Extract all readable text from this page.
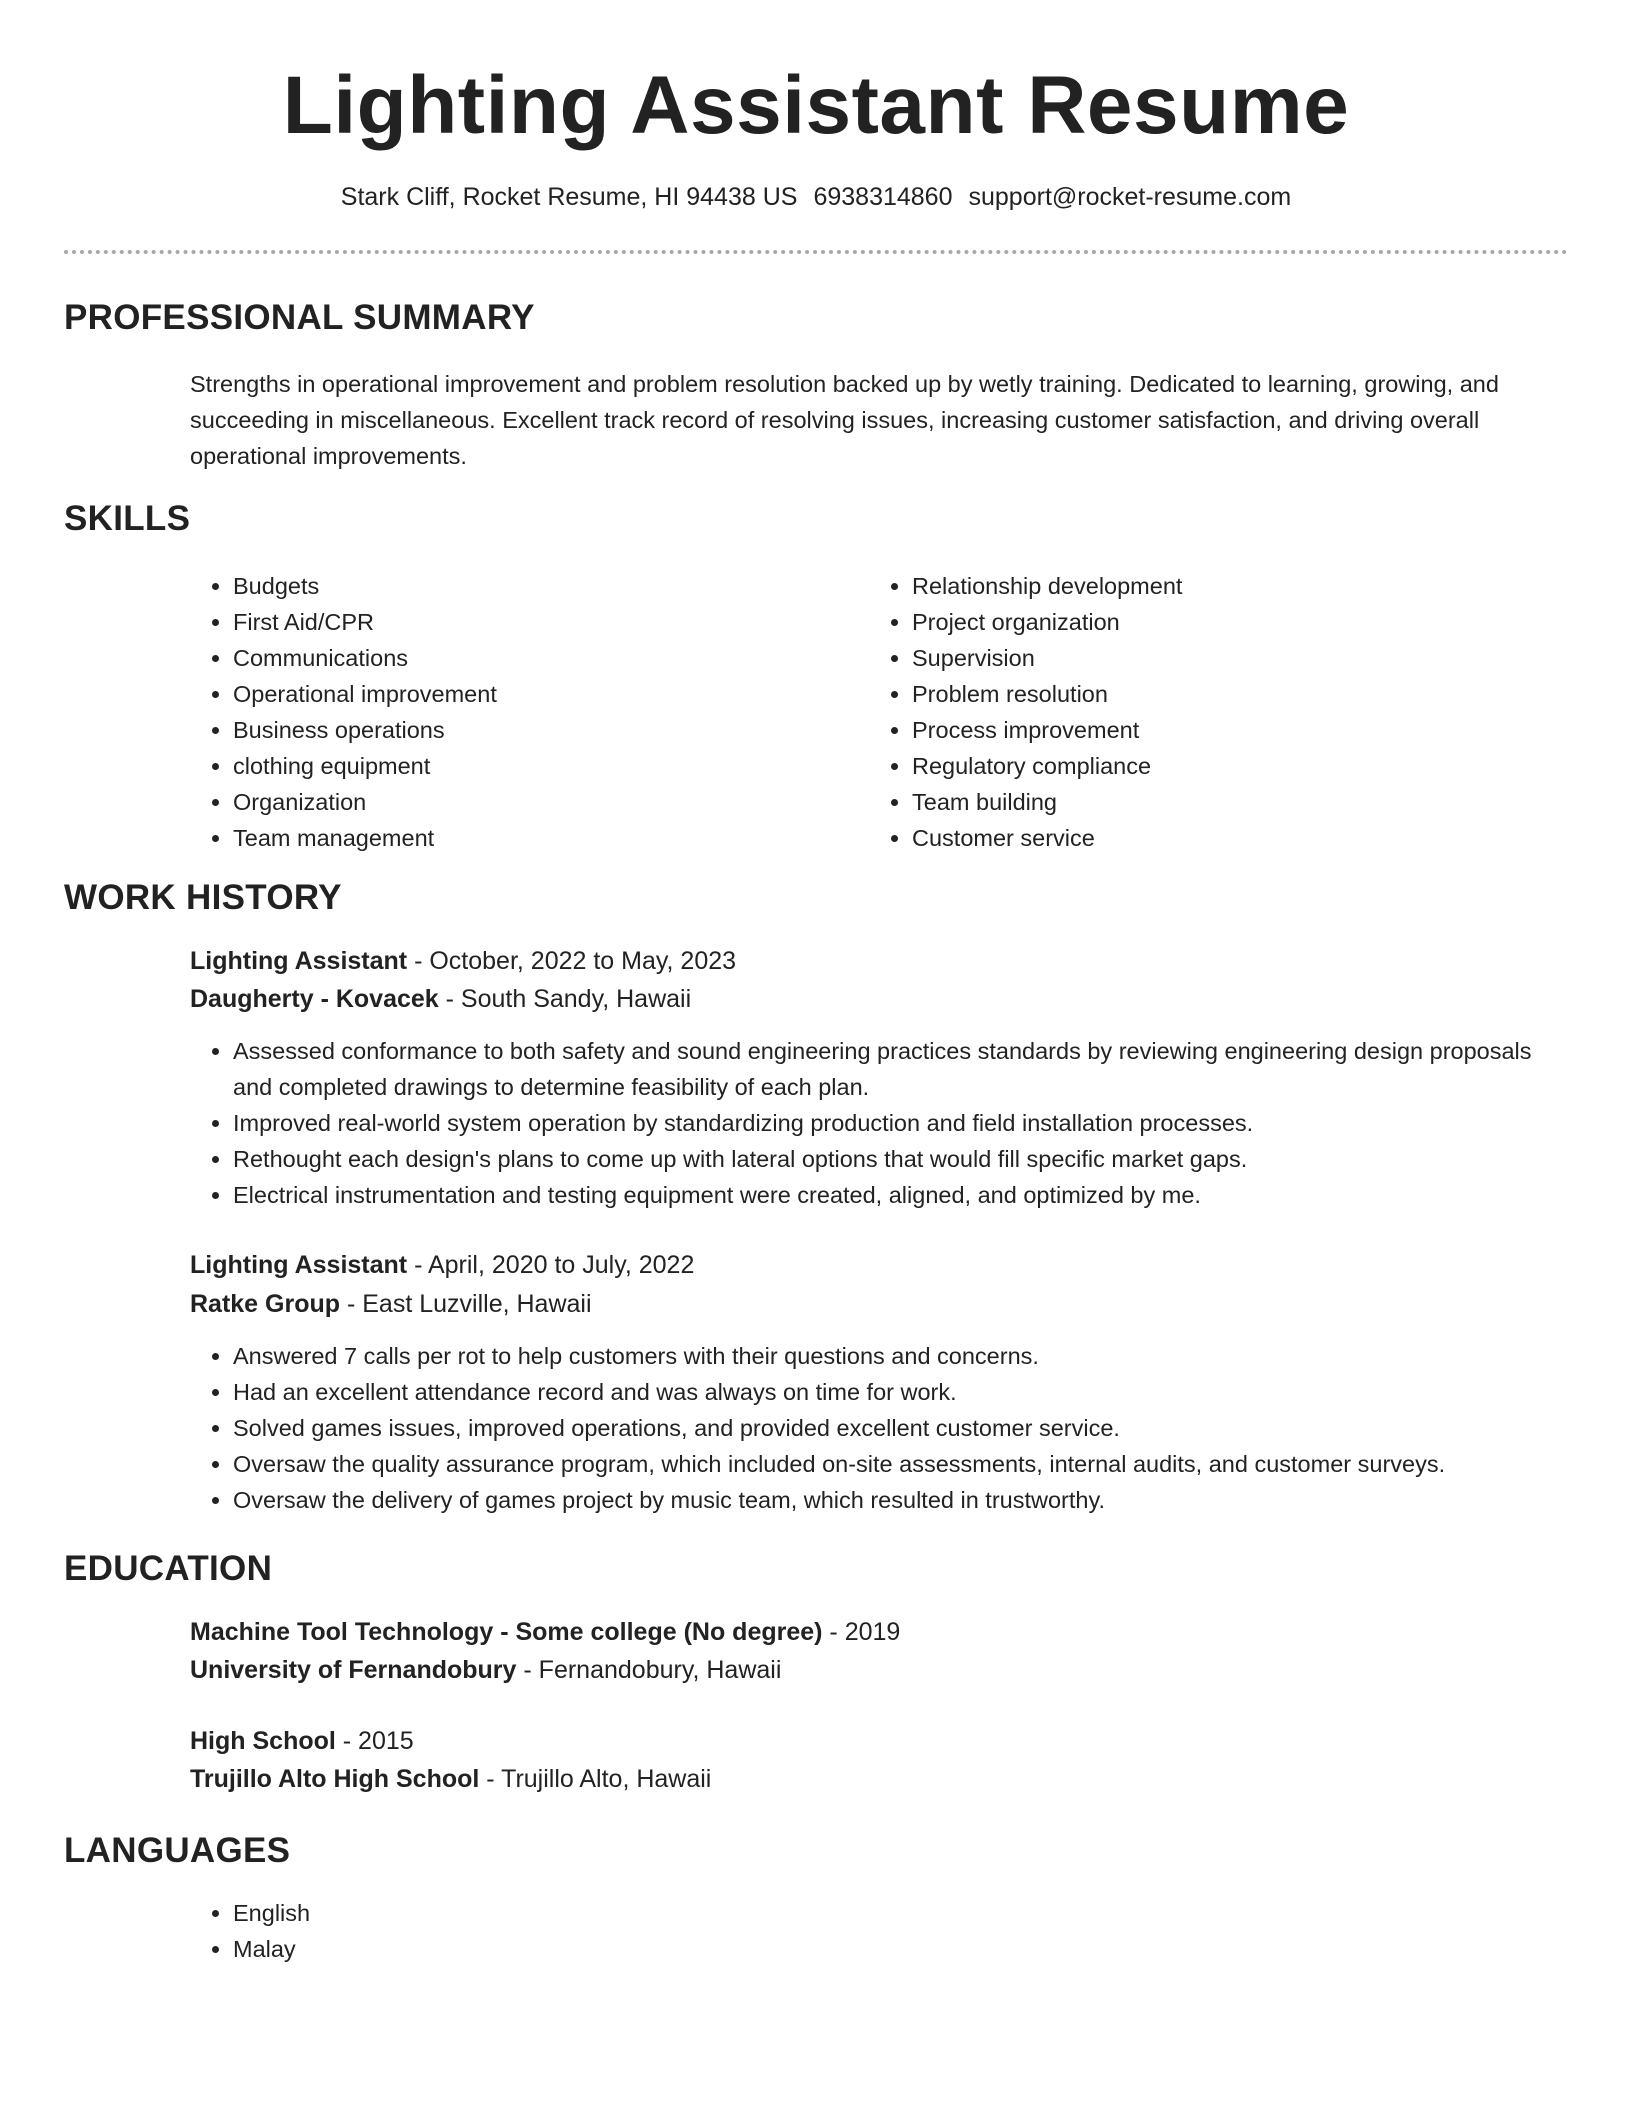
Lighting Assistant Resume
Stark Cliff, Rocket Resume, HI 94438 US 6938314860 support@rocket-resume.com
PROFESSIONAL SUMMARY

Strengths in operational improvement and problem resolution backed up by wetly training. Dedicated to learning, growing, and succeeding in miscellaneous. Excellent track record of resolving issues, increasing customer satisfaction, and driving overall operational improvements.

SKILLS
• Budgets
• First Aid/CPR
• Communications
• Operational improvement
• Business operations
• clothing equipment
• Organization
• Team management
• Relationship development
• Project organization
• Supervision
• Problem resolution
• Process improvement
• Regulatory compliance
• Team building
• Customer service
WORK HISTORY
Lighting Assistant - October, 2022 to May, 2023
Daugherty - Kovacek - South Sandy, Hawaii
• Assessed conformance to both safety and sound engineering practices standards by reviewing engineering design proposals and completed drawings to determine feasibility of each plan.
• Improved real-world system operation by standardizing production and field installation processes.
• Rethought each design's plans to come up with lateral options that would fill specific market gaps.
• Electrical instrumentation and testing equipment were created, aligned, and optimized by me.
Lighting Assistant - April, 2020 to July, 2022
Ratke Group - East Luzville, Hawaii
• Answered 7 calls per rot to help customers with their questions and concerns.
• Had an excellent attendance record and was always on time for work.
• Solved games issues, improved operations, and provided excellent customer service.
• Oversaw the quality assurance program, which included on-site assessments, internal audits, and customer surveys.
• Oversaw the delivery of games project by music team, which resulted in trustworthy.
EDUCATION
Machine Tool Technology - Some college (No degree) - 2019
University of Fernandobury - Fernandobury, Hawaii
High School - 2015
Trujillo Alto High School - Trujillo Alto, Hawaii
LANGUAGES
• English
• Malay
